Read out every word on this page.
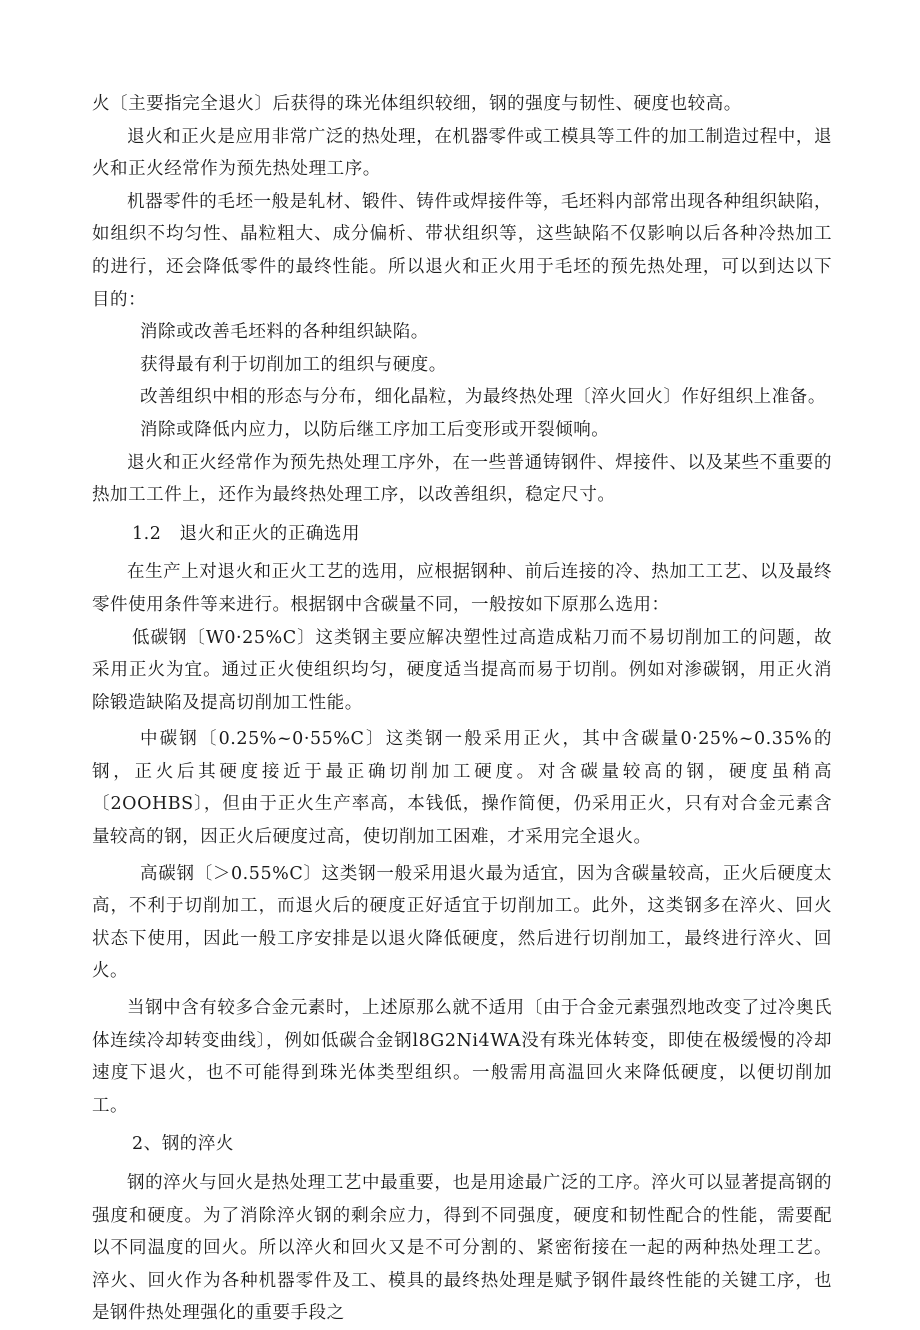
火〔主要指完全退火〕后获得的珠光体组织较细，钢的强度与韧性、硬度也较高。

退火和正火是应用非常广泛的热处理，在机器零件或工模具等工件的加工制造过程中，退火和正火经常作为预先热处理工序。

机器零件的毛坯一般是轧材、锻件、铸件或焊接件等，毛坯料内部常出现各种组织缺陷，如组织不均匀性、晶粒粗大、成分偏析、带状组织等，这些缺陷不仅影响以后各种冷热加工的进行，还会降低零件的最终性能。所以退火和正火用于毛坯的预先热处理，可以到达以下目的：

消除或改善毛坯料的各种组织缺陷。

获得最有利于切削加工的组织与硬度。

改善组织中相的形态与分布，细化晶粒，为最终热处理〔淬火回火〕作好组织上准备。

消除或降低内应力，以防后继工序加工后变形或开裂倾响。

退火和正火经常作为预先热处理工序外，在一些普通铸钢件、焊接件、以及某些不重要的热加工工件上，还作为最终热处理工序，以改善组织，稳定尺寸。

1.2　退火和正火的正确选用

在生产上对退火和正火工艺的选用，应根据钢种、前后连接的冷、热加工工艺、以及最终零件使用条件等来进行。根据钢中含碳量不同，一般按如下原那么选用：

低碳钢〔W0·25%C〕这类钢主要应解决塑性过高造成粘刀而不易切削加工的问题，故采用正火为宜。通过正火使组织均匀，硬度适当提高而易于切削。例如对渗碳钢，用正火消除锻造缺陷及提高切削加工性能。

中碳钢〔0.25%~0·55%C〕这类钢一般采用正火，其中含碳量0·25%~0.35%的钢，正火后其硬度接近于最正确切削加工硬度。对含碳量较高的钢，硬度虽稍高〔2OOHBS〕，但由于正火生产率高，本钱低，操作简便，仍采用正火，只有对合金元素含量较高的钢，因正火后硬度过高，使切削加工困难，才采用完全退火。

高碳钢〔＞0.55%C〕这类钢一般采用退火最为适宜，因为含碳量较高，正火后硬度太高，不利于切削加工，而退火后的硬度正好适宜于切削加工。此外，这类钢多在淬火、回火状态下使用，因此一般工序安排是以退火降低硬度，然后进行切削加工，最终进行淬火、回火。

当钢中含有较多合金元素时，上述原那么就不适用〔由于合金元素强烈地改变了过冷奥氏体连续冷却转变曲线〕，例如低碳合金钢l8G2Ni4WA没有珠光体转变，即使在极缓慢的冷却速度下退火，也不可能得到珠光体类型组织。一般需用高温回火来降低硬度，以便切削加工。

2、钢的淬火

钢的淬火与回火是热处理工艺中最重要，也是用途最广泛的工序。淬火可以显著提高钢的强度和硬度。为了消除淬火钢的剩余应力，得到不同强度，硬度和韧性配合的性能，需要配以不同温度的回火。所以淬火和回火又是不可分割的、紧密衔接在一起的两种热处理工艺。淬火、回火作为各种机器零件及工、模具的最终热处理是赋予钢件最终性能的关键工序，也是钢件热处理强化的重要手段之
